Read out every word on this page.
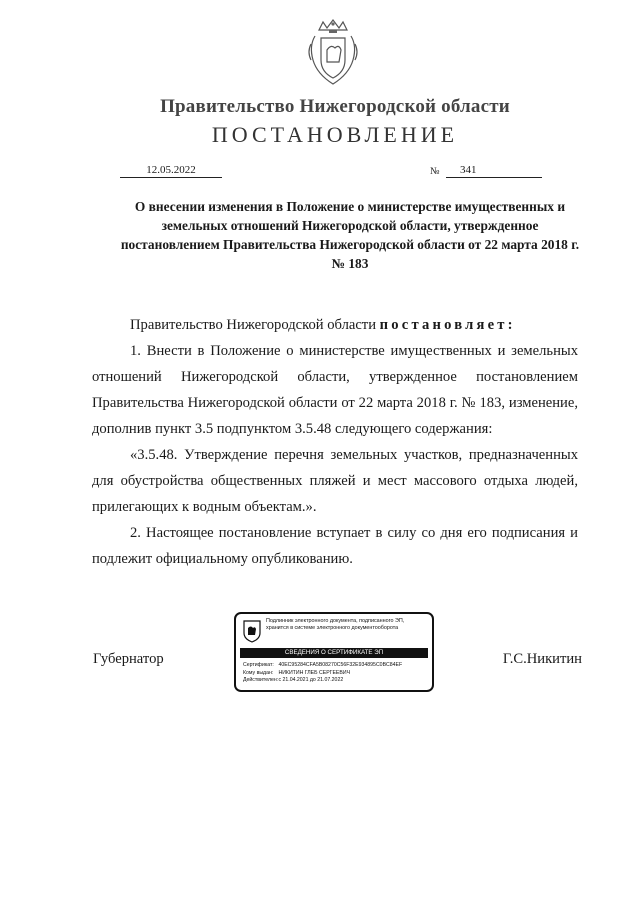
Правительство Нижегородской области
ПОСТАНОВЛЕНИЕ
12.05.2022	№	341
О внесении изменения в Положение о министерстве имущественных и земельных отношений Нижегородской области, утвержденное постановлением Правительства Нижегородской области от 22 марта 2018 г. № 183

Правительство Нижегородской области постановляет:

1. Внести в Положение о министерстве имущественных и земельных отношений Нижегородской области, утвержденное постановлением Правительства Нижегородской области от 22 марта 2018 г. № 183, изменение, дополнив пункт 3.5 подпунктом 3.5.48 следующего содержания:

«3.5.48. Утверждение перечня земельных участков, предназначенных для обустройства общественных пляжей и мест массового отдыха людей, прилегающих к водным объектам.».

2. Настоящее постановление вступает в силу со дня его подписания и подлежит официальному опубликованию.

Губернатор	Г.С.Никитин
Подлинник электронного документа, подписанного ЭП,
хранится в системе электронного документооборота
СВЕДЕНИЯ О СЕРТИФИКАТЕ ЭП
Сертификат: 40EC95284CFA5B08270C56F32E934895C0BC84EF
Кому выдан: НИКИТИН ГЛЕБ СЕРГЕЕВИЧ
Действителен: с 21.04.2021 до 21.07.2022
